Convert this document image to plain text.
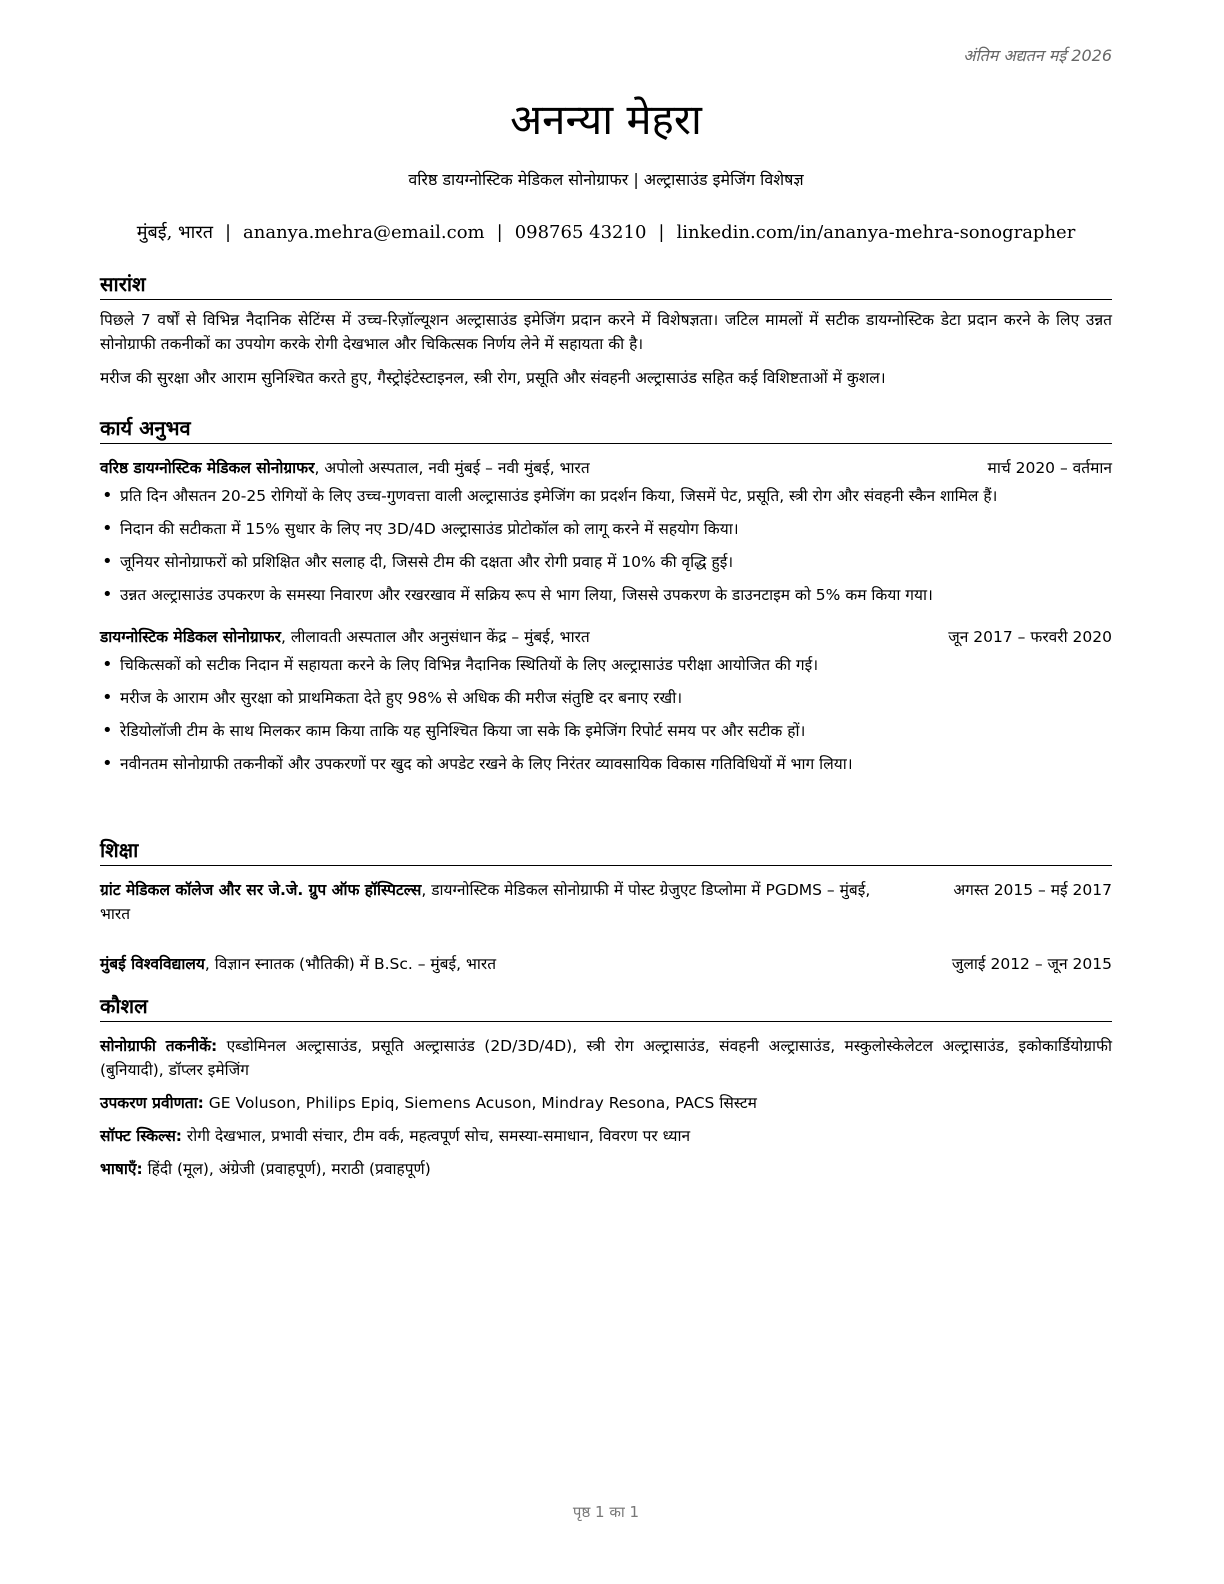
अंतिम अद्यतन मई 2026
अनन्या मेहरा
वरिष्ठ डायग्नोस्टिक मेडिकल सोनोग्राफर | अल्ट्रासाउंड इमेजिंग विशेषज्ञ
मुंबई, भारत | ananya.mehra@email.com | 098765 43210 | linkedin.com/in/ananya-mehra-sonographer
सारांश

पिछले 7 वर्षों से विभिन्न नैदानिक सेटिंग्स में उच्च-रिज़ॉल्यूशन अल्ट्रासाउंड इमेजिंग प्रदान करने में विशेषज्ञता। जटिल मामलों में सटीक डायग्नोस्टिक डेटा प्रदान करने के लिए उन्नत सोनोग्राफी तकनीकों का उपयोग करके रोगी देखभाल और चिकित्सक निर्णय लेने में सहायता की है।

मरीज की सुरक्षा और आराम सुनिश्चित करते हुए, गैस्ट्रोइंटेस्टाइनल, स्त्री रोग, प्रसूति और संवहनी अल्ट्रासाउंड सहित कई विशिष्टताओं में कुशल।

कार्य अनुभव
वरिष्ठ डायग्नोस्टिक मेडिकल सोनोग्राफर, अपोलो अस्पताल, नवी मुंबई – नवी मुंबई, भारत	मार्च 2020 – वर्तमान
• प्रति दिन औसतन 20-25 रोगियों के लिए उच्च-गुणवत्ता वाली अल्ट्रासाउंड इमेजिंग का प्रदर्शन किया, जिसमें पेट, प्रसूति, स्त्री रोग और संवहनी स्कैन शामिल हैं।
• निदान की सटीकता में 15% सुधार के लिए नए 3D/4D अल्ट्रासाउंड प्रोटोकॉल को लागू करने में सहयोग किया।
• जूनियर सोनोग्राफरों को प्रशिक्षित और सलाह दी, जिससे टीम की दक्षता और रोगी प्रवाह में 10% की वृद्धि हुई।
• उन्नत अल्ट्रासाउंड उपकरण के समस्या निवारण और रखरखाव में सक्रिय रूप से भाग लिया, जिससे उपकरण के डाउनटाइम को 5% कम किया गया।
डायग्नोस्टिक मेडिकल सोनोग्राफर, लीलावती अस्पताल और अनुसंधान केंद्र – मुंबई, भारत	जून 2017 – फरवरी 2020
• चिकित्सकों को सटीक निदान में सहायता करने के लिए विभिन्न नैदानिक स्थितियों के लिए अल्ट्रासाउंड परीक्षा आयोजित की गई।
• मरीज के आराम और सुरक्षा को प्राथमिकता देते हुए 98% से अधिक की मरीज संतुष्टि दर बनाए रखी।
• रेडियोलॉजी टीम के साथ मिलकर काम किया ताकि यह सुनिश्चित किया जा सके कि इमेजिंग रिपोर्ट समय पर और सटीक हों।
• नवीनतम सोनोग्राफी तकनीकों और उपकरणों पर खुद को अपडेट रखने के लिए निरंतर व्यावसायिक विकास गतिविधियों में भाग लिया।
शिक्षा
ग्रांट मेडिकल कॉलेज और सर जे.जे. ग्रुप ऑफ हॉस्पिटल्स, डायग्नोस्टिक मेडिकल सोनोग्राफी में पोस्ट ग्रेजुएट डिप्लोमा में PGDMS – मुंबई, भारत
अगस्त 2015 – मई 2017
मुंबई विश्वविद्यालय, विज्ञान स्नातक (भौतिकी) में B.Sc. – मुंबई, भारत	जुलाई 2012 – जून 2015
कौशल
सोनोग्राफी तकनीकें: एब्डोमिनल अल्ट्रासाउंड, प्रसूति अल्ट्रासाउंड (2D/3D/4D), स्त्री रोग अल्ट्रासाउंड, संवहनी अल्ट्रासाउंड, मस्कुलोस्केलेटल अल्ट्रासाउंड, इकोकार्डियोग्राफी (बुनियादी), डॉप्लर इमेजिंग
उपकरण प्रवीणता: GE Voluson, Philips Epiq, Siemens Acuson, Mindray Resona, PACS सिस्टम
सॉफ्ट स्किल्स: रोगी देखभाल, प्रभावी संचार, टीम वर्क, महत्वपूर्ण सोच, समस्या-समाधान, विवरण पर ध्यान
भाषाएँ: हिंदी (मूल), अंग्रेजी (प्रवाहपूर्ण), मराठी (प्रवाहपूर्ण)
पृष्ठ 1 का 1
